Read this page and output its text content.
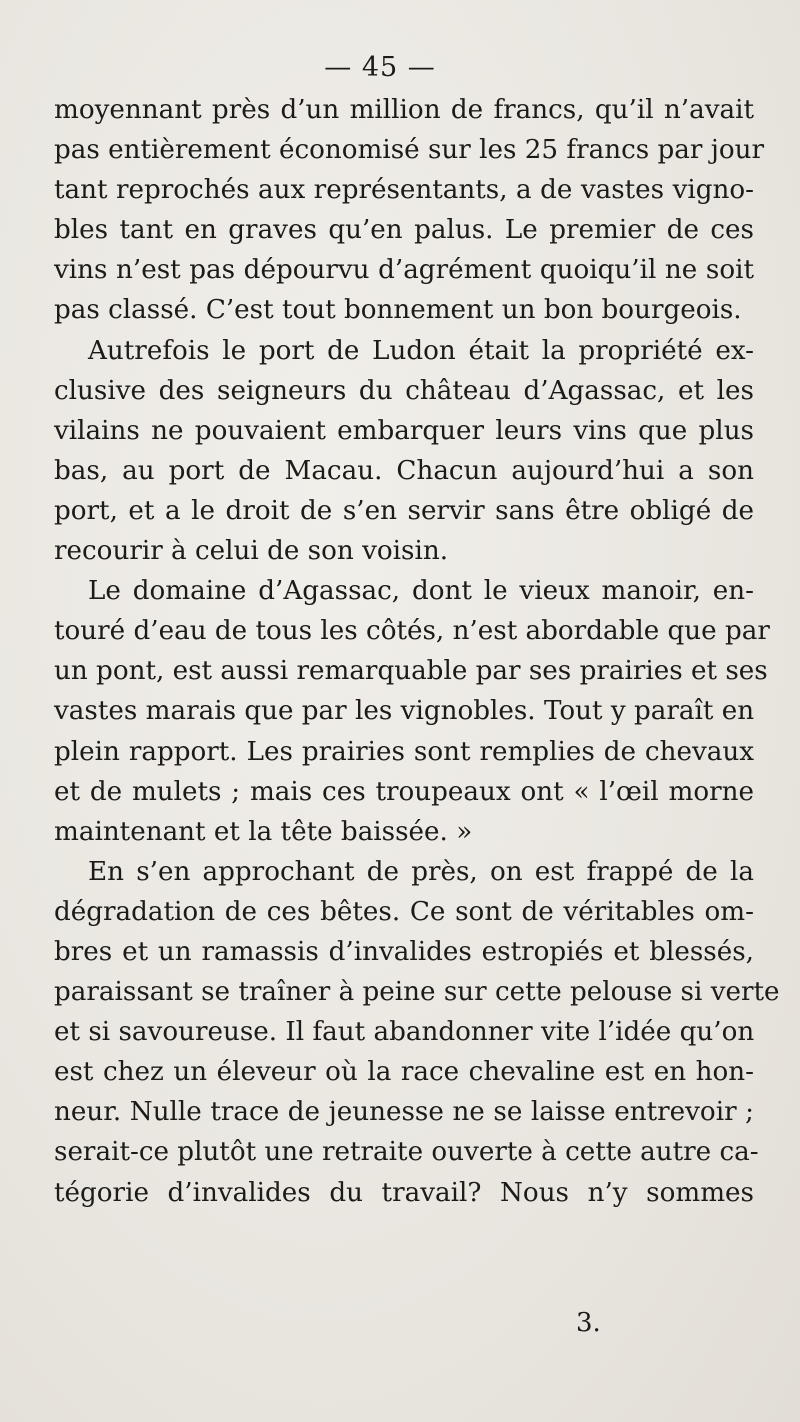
— 45 —
moyennant près d’un million de francs, qu’il n’avait
pas entièrement économisé sur les 25 francs par jour
tant reprochés aux représentants, a de vastes vigno-
bles tant en graves qu’en palus. Le premier de ces
vins n’est pas dépourvu d’agrément quoiqu’il ne soit
pas classé. C’est tout bonnement un bon bourgeois.
Autrefois le port de Ludon était la propriété ex-
clusive des seigneurs du château d’Agassac, et les
vilains ne pouvaient embarquer leurs vins que plus
bas, au port de Macau. Chacun aujourd’hui a son
port, et a le droit de s’en servir sans être obligé de
recourir à celui de son voisin.
Le domaine d’Agassac, dont le vieux manoir, en-
touré d’eau de tous les côtés, n’est abordable que par
un pont, est aussi remarquable par ses prairies et ses
vastes marais que par les vignobles. Tout y paraît en
plein rapport. Les prairies sont remplies de chevaux
et de mulets ; mais ces troupeaux ont « l’œil morne
maintenant et la tête baissée. »
En s’en approchant de près, on est frappé de la
dégradation de ces bêtes. Ce sont de véritables om-
bres et un ramassis d’invalides estropiés et blessés,
paraissant se traîner à peine sur cette pelouse si verte
et si savoureuse. Il faut abandonner vite l’idée qu’on
est chez un éleveur où la race chevaline est en hon-
neur. Nulle trace de jeunesse ne se laisse entrevoir ;
serait-ce plutôt une retraite ouverte à cette autre ca-
tégorie d’invalides du travail? Nous n’y sommes
3.
